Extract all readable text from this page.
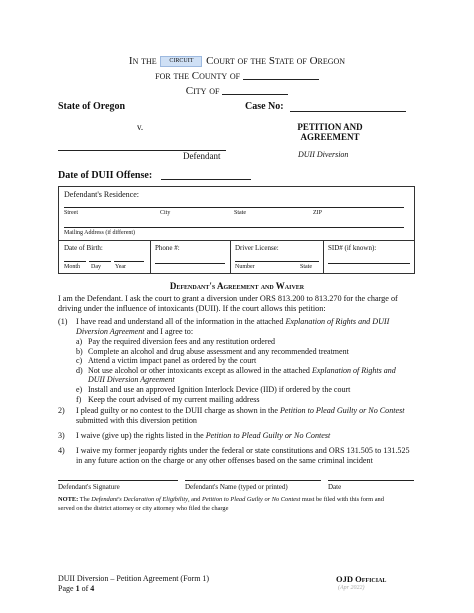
In the CIRCUIT Court of the State of Oregon
for the County of
City of
State of Oregon	Case No:
v.	PETITION AND
AGREEMENT
DUII Diversion
Defendant
Date of DUII Offense:
Defendant's Residence:
Street	City	State	ZIP
Mailing Address (if different)
Date of Birth:
Month Day Year
Phone #:	Driver License:
Number	State
SID# (if known):
Defendant's Agreement and Waiver
I am the Defendant. I ask the court to grant a diversion under ORS 813.200 to 813.270 for the charge of
driving under the influence of intoxicants (DUII). If the court allows this petition:
(1) I have read and understand all of the information in the attached Explanation of Rights and DUII
Diversion Agreement and I agree to:
a) Pay the required diversion fees and any restitution ordered
b) Complete an alcohol and drug abuse assessment and any recommended treatment
c) Attend a victim impact panel as ordered by the court
d) Not use alcohol or other intoxicants except as allowed in the attached Explanation of Rights and
DUII Diversion Agreement
e) Install and use an approved Ignition Interlock Device (IID) if ordered by the court
f) Keep the court advised of my current mailing address
2) I plead guilty or no contest to the DUII charge as shown in the Petition to Plead Guilty or No Contest
submitted with this diversion petition
3) I waive (give up) the rights listed in the Petition to Plead Guilty or No Contest
4) I waive my former jeopardy rights under the federal or state constitutions and ORS 131.505 to 131.525
in any future action on the charge or any other offenses based on the same criminal incident
Defendant's Signature	Defendant's Name (typed or printed)	Date
NOTE: The Defendant's Declaration of Eligibility, and Petition to Plead Guilty or No Contest must be filed with this form and
served on the district attorney or city attorney who filed the charge
DUII Diversion – Petition Agreement (Form 1)
Page 1 of 4
OJD Official
(Apr 2022)
